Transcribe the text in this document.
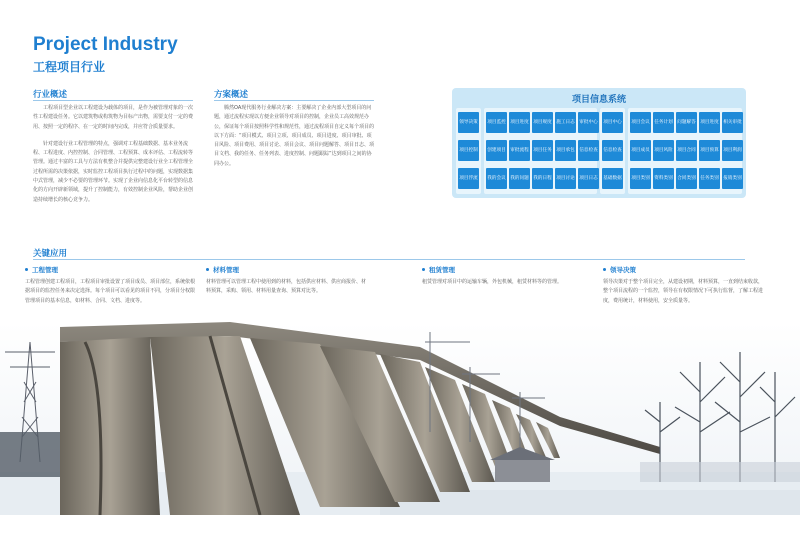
Project Industry
工程项目行业
行业概述

工程项目型企业以工程建设为载体的项目，是作为被管理对象的一次性工程建设任务。它以建筑物或构筑物为目标产出物，需要支付一定的费用、按照一定的程序、在一定的时间内完成，并应符合质量要求。

针对建设行业工程管理的特点，强调对工程基础数据、基本业务流程、工程进度、内控控制、合同管理、工程预算、成本评估、工程流转等管理。通过丰富的工具与方法有机整合并提供完整建设行业全工程管理全过程所需的决策依据，实时监控工程项目执行过程中的问题，实现数据集中式管理，减少不必要的管理环节。实现了企业向信息化平台转型的信息化的方向开辟新领域，提升了控制能力，有效控制企业风险，帮助企业创造持续增长的核心竞争力。

方案概述

腾然OA现代服务行业解决方案：主要解决了企业内部大型项目的问题，通过流程实现以方便企业领导对项目的控制，企业员工高效规范办公，保证每个项目按照科学性和规范性，通过流程项目自定义每个项目的以下方面：“项目模式、项目立项、项目成员、项目进度、项目审批、项目风险、项目费用、项目讨论、项目会议、项目问题解答、项目日志、项目文档、我的任务、任务列表、进度控制、问题跟踪”达到项目之间的协同办公。

项目信息系统
领导决策
项目控制
项目浮流
项目监控 项目进度
创建项目 审批流程
我的会议 我的问题
项目规度 施工日志
项目任务 项目承包
我的日程 项目讨论
审批中心
信息检查
项目日志
项目中心
信息检查
基础数据
项目会议
项目成员
项目类别
任务计划
项目风险
资料类别
问题解答
项目合同
合同类别
项目进度
项目预算
任务类别
相关审批
项目利润
报销类别
关键应用
工程管理
工程管理创建工程项目，工程项目审批设置了项目成员、项目部位，系统依根据项目的监控任务来决定选择。每个项目可以看见的项目不同，分项目分权限管理项目的基本信息，如材料、合同、文档、进度等。
材料管理
材料管理可以管理工程中使用到的材料，包括供应材料、供应商报价、材料预算，采购、领用、材料用量查询、预算对比等。
租赁管理
租赁管理对项目中的运输车辆，外包机械，租赁材料等的管理。
领导决策
领导决策对于整个项目完全，从建设初期，材料预算，一直到结束收款，整个项目流程的一个监控，领导在有权限情况下可执行监督，了解工程进度，费用统计，材料使用，安全质量等。
